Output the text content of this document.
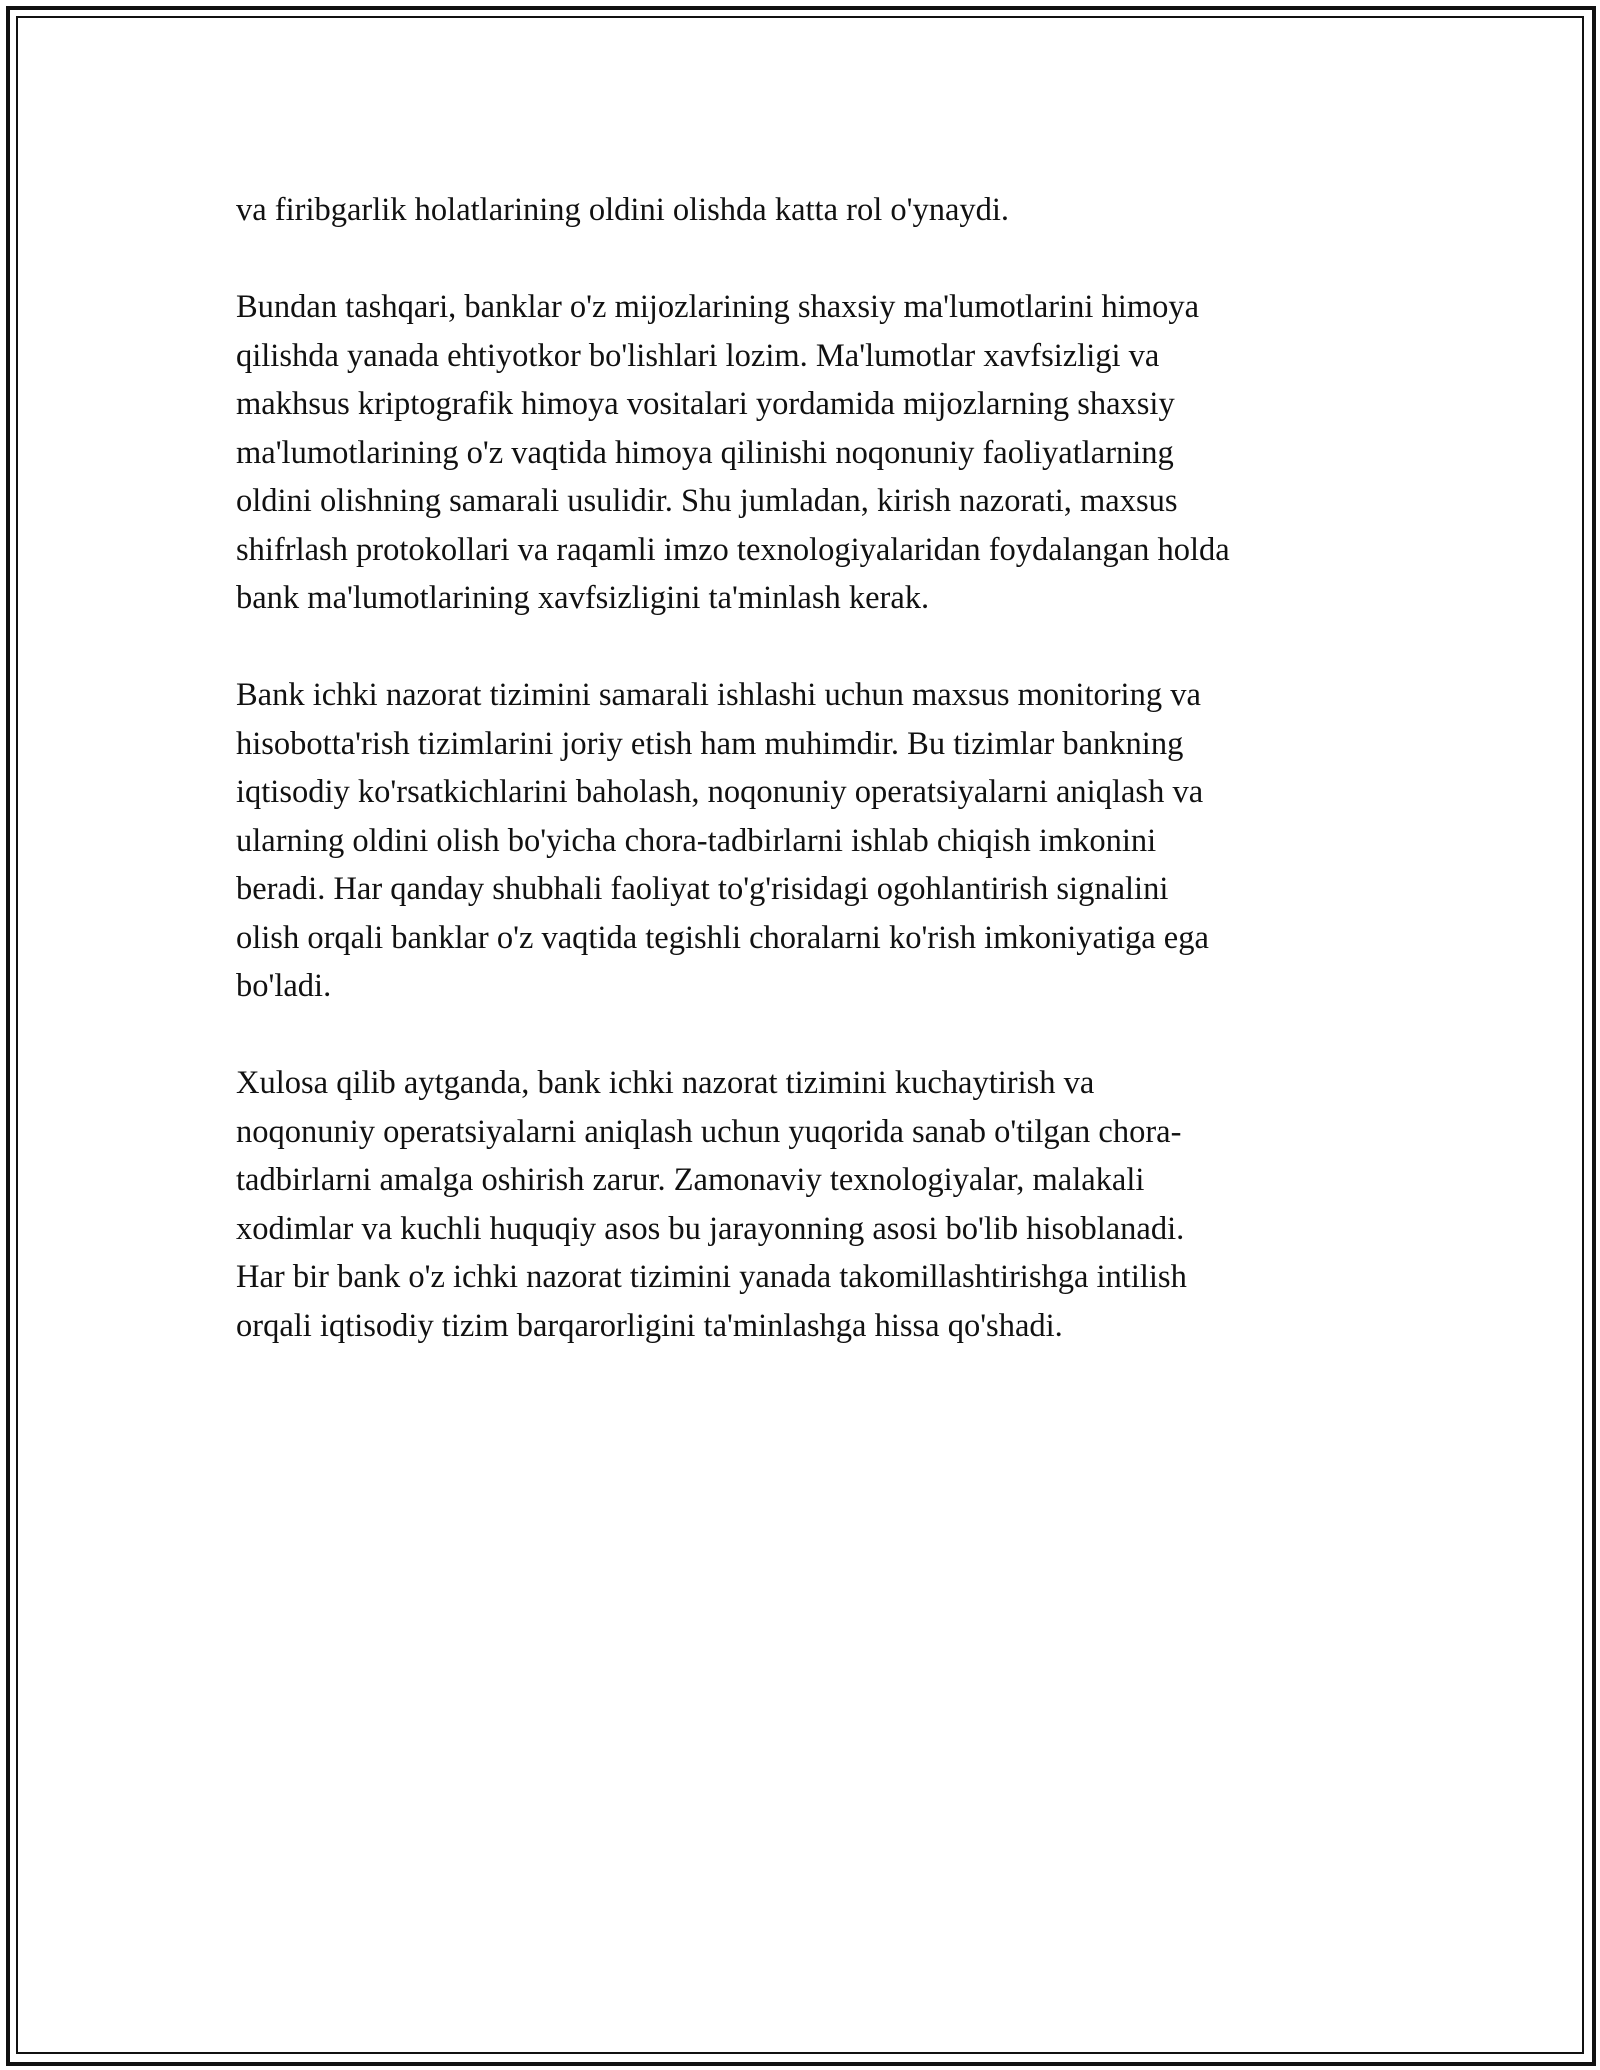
va firibgarlik holatlarining oldini olishda katta rol o'ynaydi.

Bundan tashqari, banklar o'z mijozlarining shaxsiy ma'lumotlarini himoya
qilishda yanada ehtiyotkor bo'lishlari lozim. Ma'lumotlar xavfsizligi va
makhsus kriptografik himoya vositalari yordamida mijozlarning shaxsiy
ma'lumotlarining o'z vaqtida himoya qilinishi noqonuniy faoliyatlarning
oldini olishning samarali usulidir. Shu jumladan, kirish nazorati, maxsus
shifrlash protokollari va raqamli imzo texnologiyalaridan foydalangan holda
bank ma'lumotlarining xavfsizligini ta'minlash kerak.

Bank ichki nazorat tizimini samarali ishlashi uchun maxsus monitoring va
hisobotta'rish tizimlarini joriy etish ham muhimdir. Bu tizimlar bankning
iqtisodiy ko'rsatkichlarini baholash, noqonuniy operatsiyalarni aniqlash va
ularning oldini olish bo'yicha chora-tadbirlarni ishlab chiqish imkonini
beradi. Har qanday shubhali faoliyat to'g'risidagi ogohlantirish signalini
olish orqali banklar o'z vaqtida tegishli choralarni ko'rish imkoniyatiga ega
bo'ladi.

Xulosa qilib aytganda, bank ichki nazorat tizimini kuchaytirish va
noqonuniy operatsiyalarni aniqlash uchun yuqorida sanab o'tilgan chora-
tadbirlarni amalga oshirish zarur. Zamonaviy texnologiyalar, malakali
xodimlar va kuchli huquqiy asos bu jarayonning asosi bo'lib hisoblanadi.
Har bir bank o'z ichki nazorat tizimini yanada takomillashtirishga intilish
orqali iqtisodiy tizim barqarorligini ta'minlashga hissa qo'shadi.
